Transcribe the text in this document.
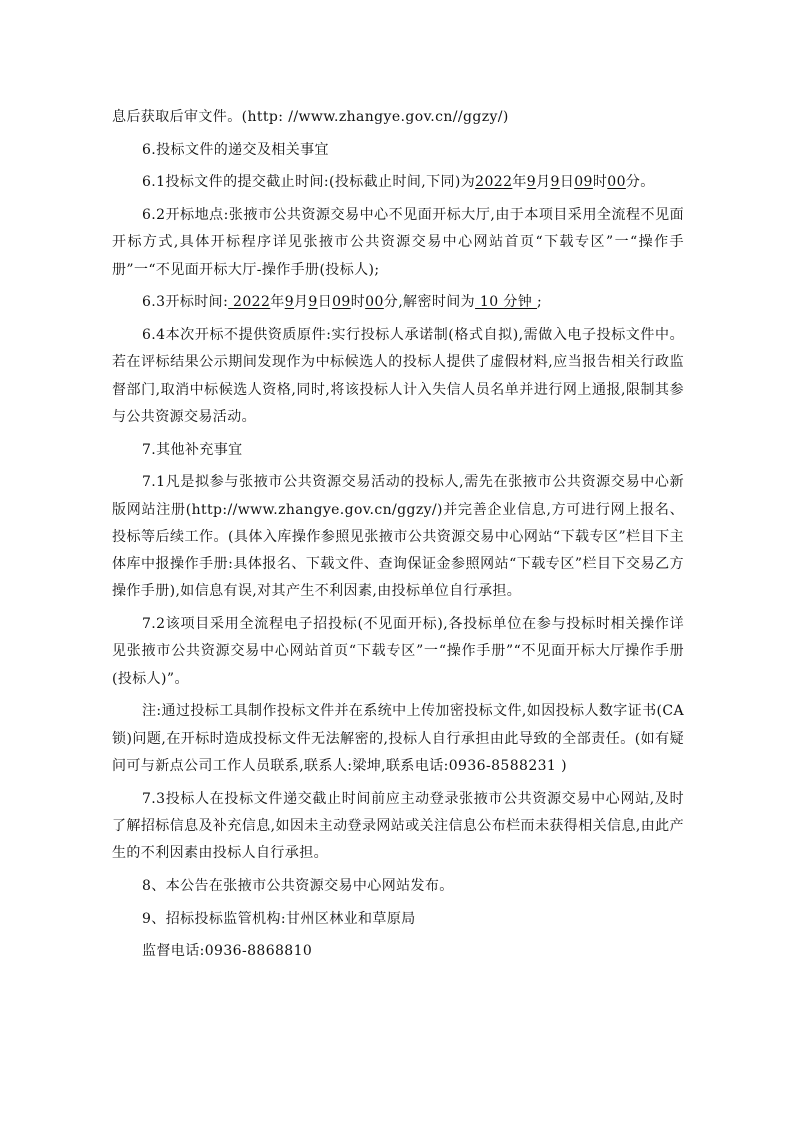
息后获取后审文件。(http: //www.zhangye.gov.cn//ggzy/)

6.投标文件的递交及相关事宜

6.1投标文件的提交截止时间:(投标截止时间,下同)为2022年9月9日09时00分。

6.2开标地点:张掖市公共资源交易中心不见面开标大厅,由于本项目采用全流程不见面开标方式,具体开标程序详见张掖市公共资源交易中心网站首页“下载专区”一“操作手册”一“不见面开标大厅-操作手册(投标人);

6.3开标时间: 2022年9月9日09时00分,解密时间为 10 分钟 ;

6.4本次开标不提供资质原件:实行投标人承诺制(格式自拟),需做入电子投标文件中。若在评标结果公示期间发现作为中标候选人的投标人提供了虚假材料,应当报告相关行政监督部门,取消中标候选人资格,同时,将该投标人计入失信人员名单并进行网上通报,限制其参与公共资源交易活动。

7.其他补充事宜

7.1凡是拟参与张掖市公共资源交易活动的投标人,需先在张掖市公共资源交易中心新版网站注册(http://www.zhangye.gov.cn/ggzy/)并完善企业信息,方可进行网上报名、投标等后续工作。(具体入库操作参照见张掖市公共资源交易中心网站“下载专区”栏目下主体库中报操作手册:具体报名、下载文件、查询保证金参照网站“下载专区”栏目下交易乙方操作手册),如信息有误,对其产生不利因素,由投标单位自行承担。

7.2该项目采用全流程电子招投标(不见面开标),各投标单位在参与投标时相关操作详见张掖市公共资源交易中心网站首页“下载专区”一“操作手册”“不见面开标大厅操作手册(投标人)”。

注:通过投标工具制作投标文件并在系统中上传加密投标文件,如因投标人数字证书(CA锁)问题,在开标时造成投标文件无法解密的,投标人自行承担由此导致的全部责任。(如有疑问可与新点公司工作人员联系,联系人:梁坤,联系电话:0936-8588231 )

7.3投标人在投标文件递交截止时间前应主动登录张掖市公共资源交易中心网站,及时了解招标信息及补充信息,如因未主动登录网站或关注信息公布栏而未获得相关信息,由此产生的不利因素由投标人自行承担。

8、本公告在张掖市公共资源交易中心网站发布。

9、招标投标监管机构:甘州区林业和草原局

监督电话:0936-8868810
